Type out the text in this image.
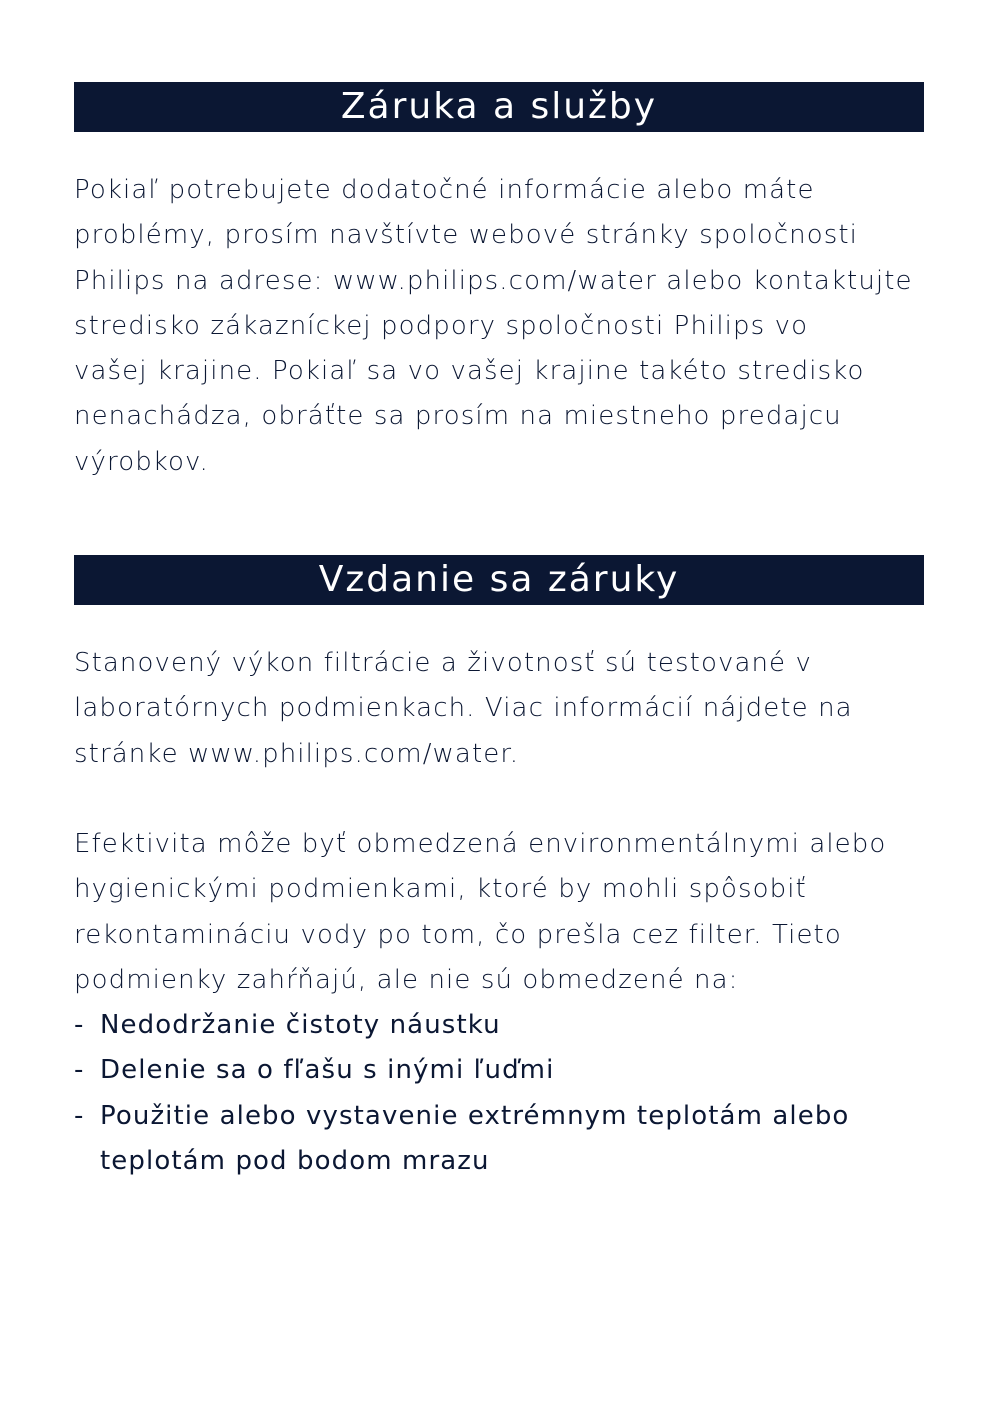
Záruka a služby

Pokiaľ potrebujete dodatočné informácie alebo máte
problémy, prosím navštívte webové stránky spoločnosti
Philips na adrese: www.philips.com/water alebo kontaktujte
stredisko zákazníckej podpory spoločnosti Philips vo
vašej krajine. Pokiaľ sa vo vašej krajine takéto stredisko
nenachádza, obráťte sa prosím na miestneho predajcu
výrobkov.

Vzdanie sa záruky

Stanovený výkon filtrácie a životnosť sú testované v
laboratórnych podmienkach. Viac informácií nájdete na
stránke www.philips.com/water.

Efektivita môže byť obmedzená environmentálnymi alebo
hygienickými podmienkami, ktoré by mohli spôsobiť
rekontamináciu vody po tom, čo prešla cez filter. Tieto
podmienky zahŕňajú, ale nie sú obmedzené na:

- Nedodržanie čistoty náustku
- Delenie sa o fľašu s inými ľuďmi
- Použitie alebo vystavenie extrémnym teplotám alebo
teplotám pod bodom mrazu
